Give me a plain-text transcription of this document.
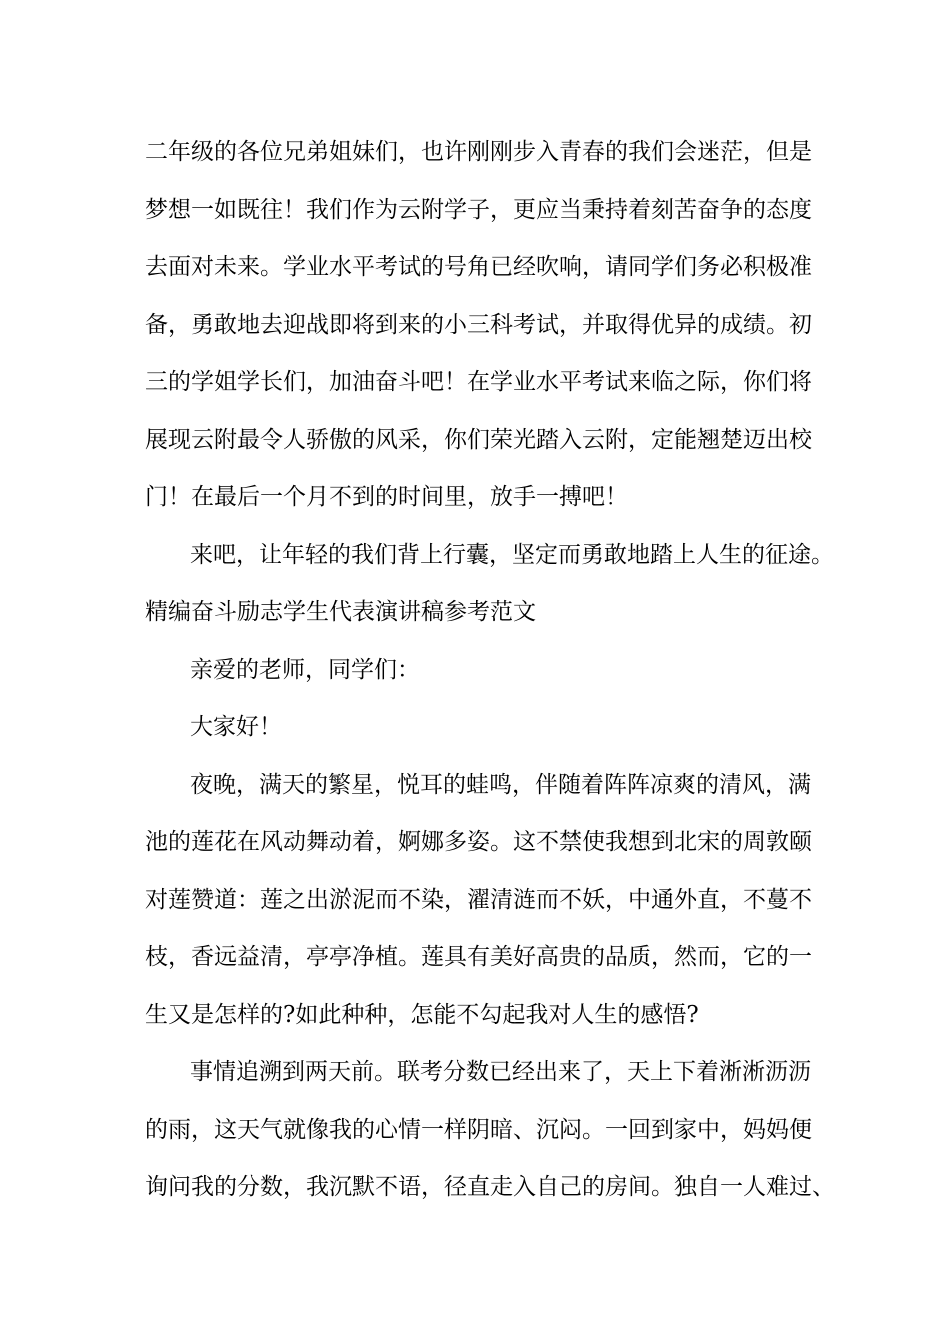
二年级的各位兄弟姐妹们，也许刚刚步入青春的我们会迷茫，但是
梦想一如既往！我们作为云附学子，更应当秉持着刻苦奋争的态度
去面对未来。学业水平考试的号角已经吹响，请同学们务必积极准
备，勇敢地去迎战即将到来的小三科考试，并取得优异的成绩。初
三的学姐学长们，加油奋斗吧！在学业水平考试来临之际，你们将
展现云附最令人骄傲的风采，你们荣光踏入云附，定能翘楚迈出校
门！在最后一个月不到的时间里，放手一搏吧！
来吧，让年轻的我们背上行囊，坚定而勇敢地踏上人生的征途。
精编奋斗励志学生代表演讲稿参考范文
亲爱的老师，同学们：
大家好！
夜晚，满天的繁星，悦耳的蛙鸣，伴随着阵阵凉爽的清风，满
池的莲花在风动舞动着，婀娜多姿。这不禁使我想到北宋的周敦颐
对莲赞道：莲之出淤泥而不染，濯清涟而不妖，中通外直，不蔓不
枝，香远益清，亭亭净植。莲具有美好高贵的品质，然而，它的一
生又是怎样的?如此种种，怎能不勾起我对人生的感悟?
事情追溯到两天前。联考分数已经出来了，天上下着淅淅沥沥
的雨，这天气就像我的心情一样阴暗、沉闷。一回到家中，妈妈便
询问我的分数，我沉默不语，径直走入自己的房间。独自一人难过、
